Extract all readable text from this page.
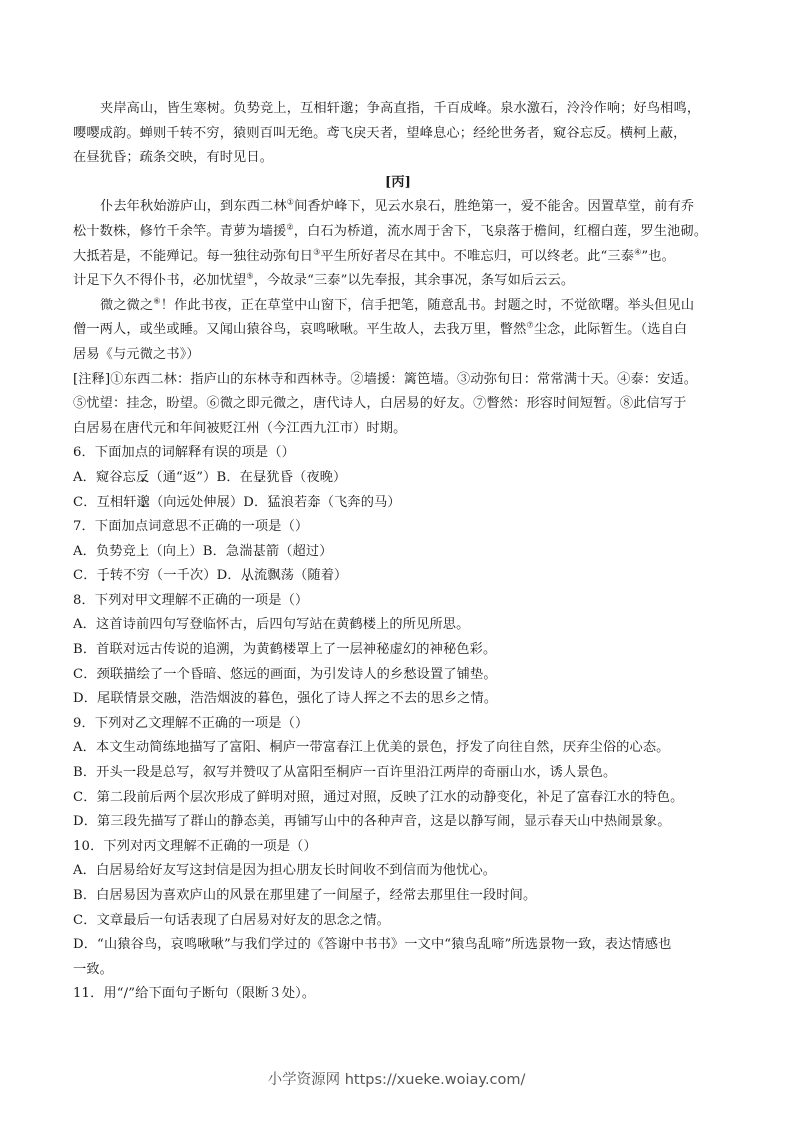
夹岸高山，皆生寒树。负势竞上，互相轩邈；争高直指，千百成峰。泉水激石，泠泠作响；好鸟相鸣，
嘤嘤成韵。蝉则千转不穷，猿则百叫无绝。鸢飞戾天者，望峰息心；经纶世务者，窥谷忘反。横柯上蔽，
在昼犹昏；疏条交映，有时见日。
[丙]
仆去年秋始游庐山，到东西二林①间香炉峰下，见云水泉石，胜绝第一，爱不能舍。因置草堂，前有乔
松十数株，修竹千余竿。青萝为墙援②，白石为桥道，流水周于舍下，飞泉落于檐间，红榴白莲，罗生池砌。
大抵若是，不能殚记。每一独往动弥旬日③平生所好者尽在其中。不唯忘归，可以终老。此“三泰④”也。
计足下久不得仆书，必加忧望⑤，今故录“三泰”以先奉报，其余事况，条写如后云云。
微之微之⑥！作此书夜，正在草堂中山窗下，信手把笔，随意乱书。封题之时，不觉欲曙。举头但见山
僧一两人，或坐或睡。又闻山猿谷鸟，哀鸣啾啾。平生故人，去我万里，瞥然⑦尘念，此际暂生。（选自白
居易《与元微之书》）
[注释]①东西二林：指庐山的东林寺和西林寺。②墙援：篱笆墙。③动弥旬日：常常满十天。④泰：安适。
⑤忧望：挂念，盼望。⑥微之即元微之，唐代诗人，白居易的好友。⑦瞥然：形容时间短暂。⑧此信写于
白居易在唐代元和年间被贬江州（今江西九江市）时期。
6．下面加点的词解释有误的项是（）
A．窥谷忘反（通“返”）B．在昼犹昏（夜晚）
C．互相轩邈（向远处伸展）D．猛浪若奔（飞奔的马）
7．下面加点词意思不正确的一项是（）
A．负势竞上（向上）B．急湍甚箭（超过）
C．千转不穷（一千次）D．从流飘荡（随着）
8．下列对甲文理解不正确的一项是（）
A．这首诗前四句写登临怀古，后四句写站在黄鹤楼上的所见所思。
B．首联对远古传说的追溯，为黄鹤楼罩上了一层神秘虚幻的神秘色彩。
C．颈联描绘了一个昏暗、悠远的画面，为引发诗人的乡愁设置了铺垫。
D．尾联情景交融，浩浩烟波的暮色，强化了诗人挥之不去的思乡之情。
9．下列对乙文理解不正确的一项是（）
A．本文生动简练地描写了富阳、桐庐一带富春江上优美的景色，抒发了向往自然，厌弃尘俗的心态。
B．开头一段是总写，叙写并赞叹了从富阳至桐庐一百许里沿江两岸的奇丽山水，诱人景色。
C．第二段前后两个层次形成了鲜明对照，通过对照，反映了江水的动静变化，补足了富春江水的特色。
D．第三段先描写了群山的静态美，再铺写山中的各种声音，这是以静写闹，显示春天山中热闹景象。
10．下列对丙文理解不正确的一项是（）
A．白居易给好友写这封信是因为担心朋友长时间收不到信而为他忧心。
B．白居易因为喜欢庐山的风景在那里建了一间屋子，经常去那里住一段时间。
C．文章最后一句话表现了白居易对好友的思念之情。
D．“山猿谷鸟，哀鸣啾啾”与我们学过的《答谢中书书》一文中“猿鸟乱啼”所选景物一致，表达情感也
一致。
11．用“/”给下面句子断句（限断３处）。
小学资源网 https://xueke.woiay.com/
